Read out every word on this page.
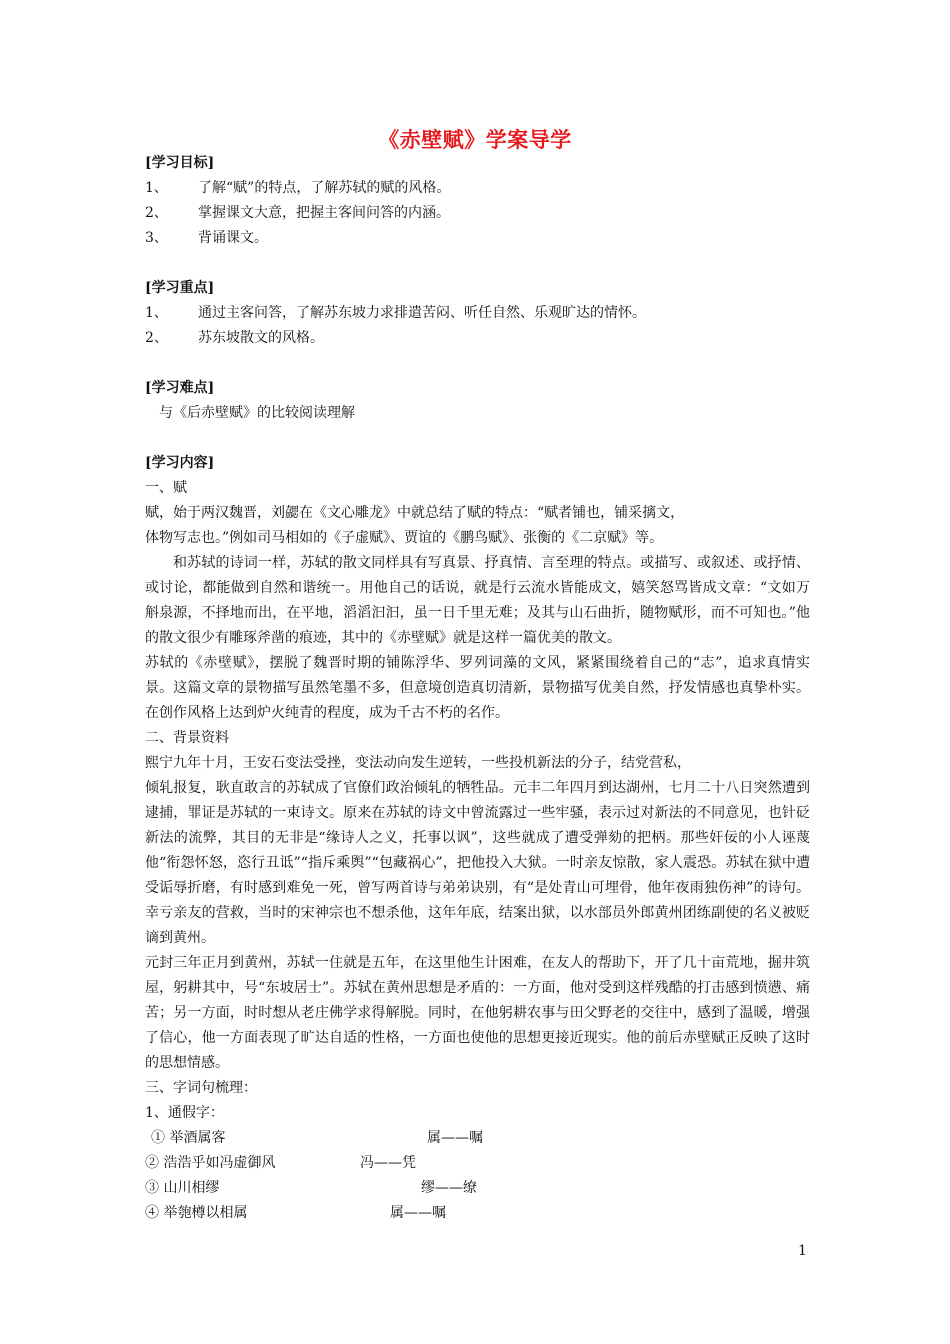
《赤壁赋》学案导学
[学习目标]
1、	了解“赋”的特点，了解苏轼的赋的风格。
2、	掌握课文大意，把握主客间问答的内涵。
3、	背诵课文。
[学习重点]
1、	通过主客问答，了解苏东坡力求排遣苦闷、听任自然、乐观旷达的情怀。
2、	苏东坡散文的风格。
[学习难点]
与《后赤壁赋》的比较阅读理解
[学习内容]
一、赋
赋，始于两汉魏晋，刘勰在《文心雕龙》中就总结了赋的特点：“赋者铺也，铺采摛文，
体物写志也。”例如司马相如的《子虚赋》、贾谊的《鹏鸟赋》、张衡的《二京赋》等。
和苏轼的诗词一样，苏轼的散文同样具有写真景、抒真情、言至理的特点。或描写、或叙述、或抒情、或讨论，都能做到自然和谐统一。用他自己的话说，就是行云流水皆能成文，嬉笑怒骂皆成文章：“文如万斛泉源，不择地而出，在平地，滔滔汩汩，虽一日千里无难；及其与山石曲折，随物赋形，而不可知也。”他的散文很少有雕琢斧凿的痕迹，其中的《赤壁赋》就是这样一篇优美的散文。
苏轼的《赤壁赋》，摆脱了魏晋时期的铺陈浮华、罗列词藻的文风，紧紧围绕着自己的“志”，追求真情实景。这篇文章的景物描写虽然笔墨不多，但意境创造真切清新，景物描写优美自然，抒发情感也真挚朴实。在创作风格上达到炉火纯青的程度，成为千古不朽的名作。
二、背景资料
熙宁九年十月，王安石变法受挫，变法动向发生逆转，一些投机新法的分子，结党营私，
倾轧报复，耿直敢言的苏轼成了官僚们政治倾轧的牺牲品。元丰二年四月到达湖州，七月二十八日突然遭到逮捕，罪证是苏轼的一束诗文。原来在苏轼的诗文中曾流露过一些牢骚，表示过对新法的不同意见，也针砭新法的流弊，其目的无非是“缘诗人之义，托事以讽”，这些就成了遭受弹劾的把柄。那些奸佞的小人诬蔑他“衔怨怀怒，恣行丑诋”“指斥乘舆”“包藏祸心”，把他投入大狱。一时亲友惊散，家人震恐。苏轼在狱中遭受诟辱折磨，有时感到难免一死，曾写两首诗与弟弟诀别，有“是处青山可埋骨，他年夜雨独伤神”的诗句。幸亏亲友的营救，当时的宋神宗也不想杀他，这年年底，结案出狱，以水部员外郎黄州团练副使的名义被贬谪到黄州。
元封三年正月到黄州，苏轼一住就是五年，在这里他生计困难，在友人的帮助下，开了几十亩荒地，掘井筑屋，躬耕其中，号“东坡居士”。苏轼在黄州思想是矛盾的：一方面，他对受到这样残酷的打击感到愤懑、痛苦；另一方面，时时想从老庄佛学求得解脱。同时，在他躬耕农事与田父野老的交往中，感到了温暖，增强了信心，他一方面表现了旷达自适的性格，一方面也使他的思想更接近现实。他的前后赤壁赋正反映了这时的思想情感。
三、字词句梳理：
1、通假字：
① 举酒属客	属——嘱
② 浩浩乎如冯虚御风	冯——凭
③ 山川相缪	缪——缭
④ 举匏樽以相属	属——嘱
1
